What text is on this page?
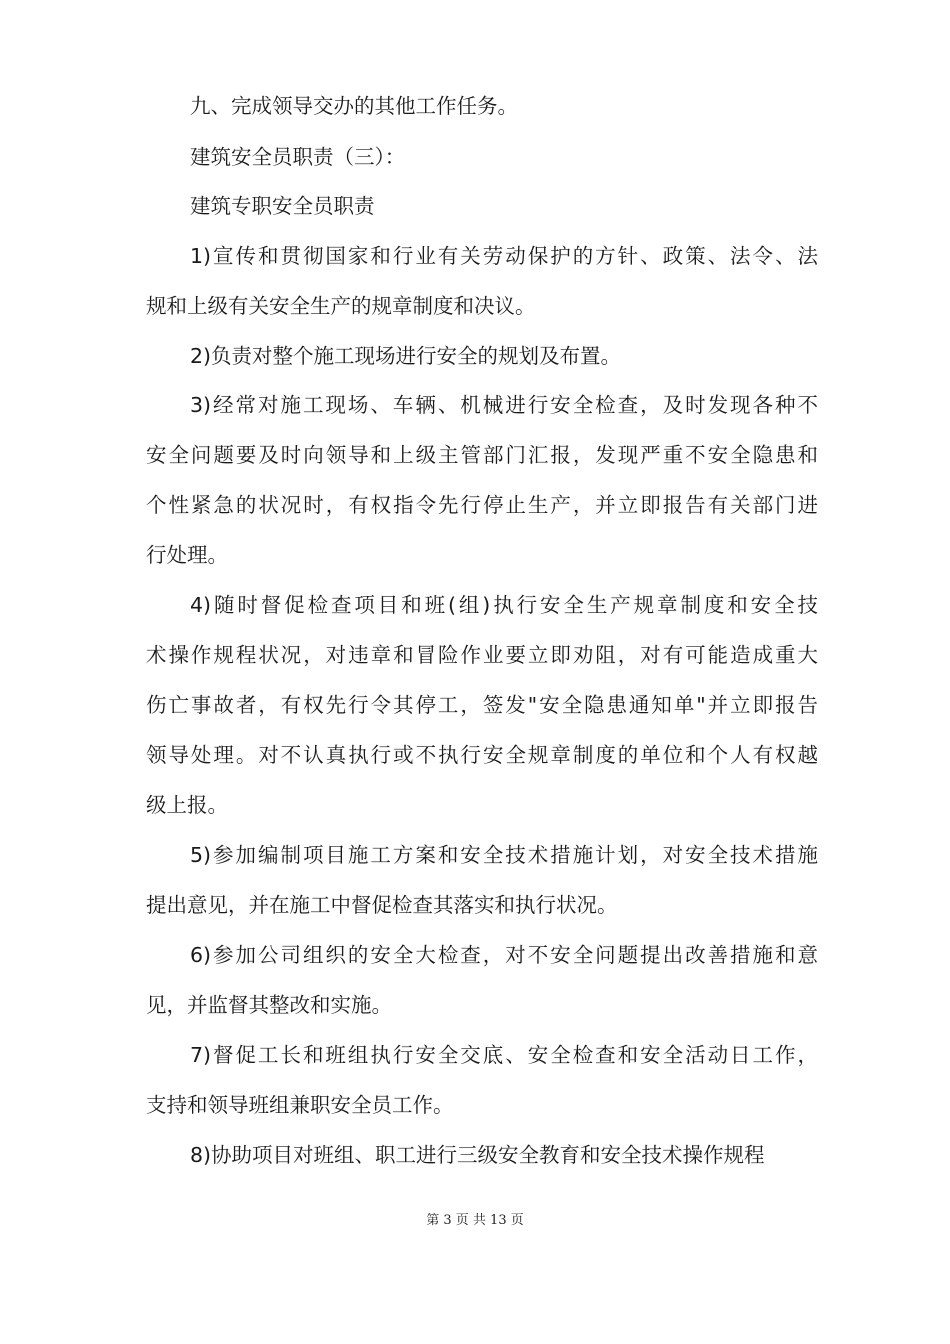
九、完成领导交办的其他工作任务。
建筑安全员职责（三）：
建筑专职安全员职责
1)宣传和贯彻国家和行业有关劳动保护的方针、政策、法令、法
规和上级有关安全生产的规章制度和决议。
2)负责对整个施工现场进行安全的规划及布置。
3)经常对施工现场、车辆、机械进行安全检查，及时发现各种不
安全问题要及时向领导和上级主管部门汇报，发现严重不安全隐患和
个性紧急的状况时，有权指令先行停止生产，并立即报告有关部门进
行处理。
4)随时督促检查项目和班(组)执行安全生产规章制度和安全技
术操作规程状况，对违章和冒险作业要立即劝阻，对有可能造成重大
伤亡事故者，有权先行令其停工，签发"安全隐患通知单"并立即报告
领导处理。对不认真执行或不执行安全规章制度的单位和个人有权越
级上报。
5)参加编制项目施工方案和安全技术措施计划，对安全技术措施
提出意见，并在施工中督促检查其落实和执行状况。
6)参加公司组织的安全大检查，对不安全问题提出改善措施和意
见，并监督其整改和实施。
7)督促工长和班组执行安全交底、安全检查和安全活动日工作，
支持和领导班组兼职安全员工作。
8)协助项目对班组、职工进行三级安全教育和安全技术操作规程
第 3 页 共 13 页
